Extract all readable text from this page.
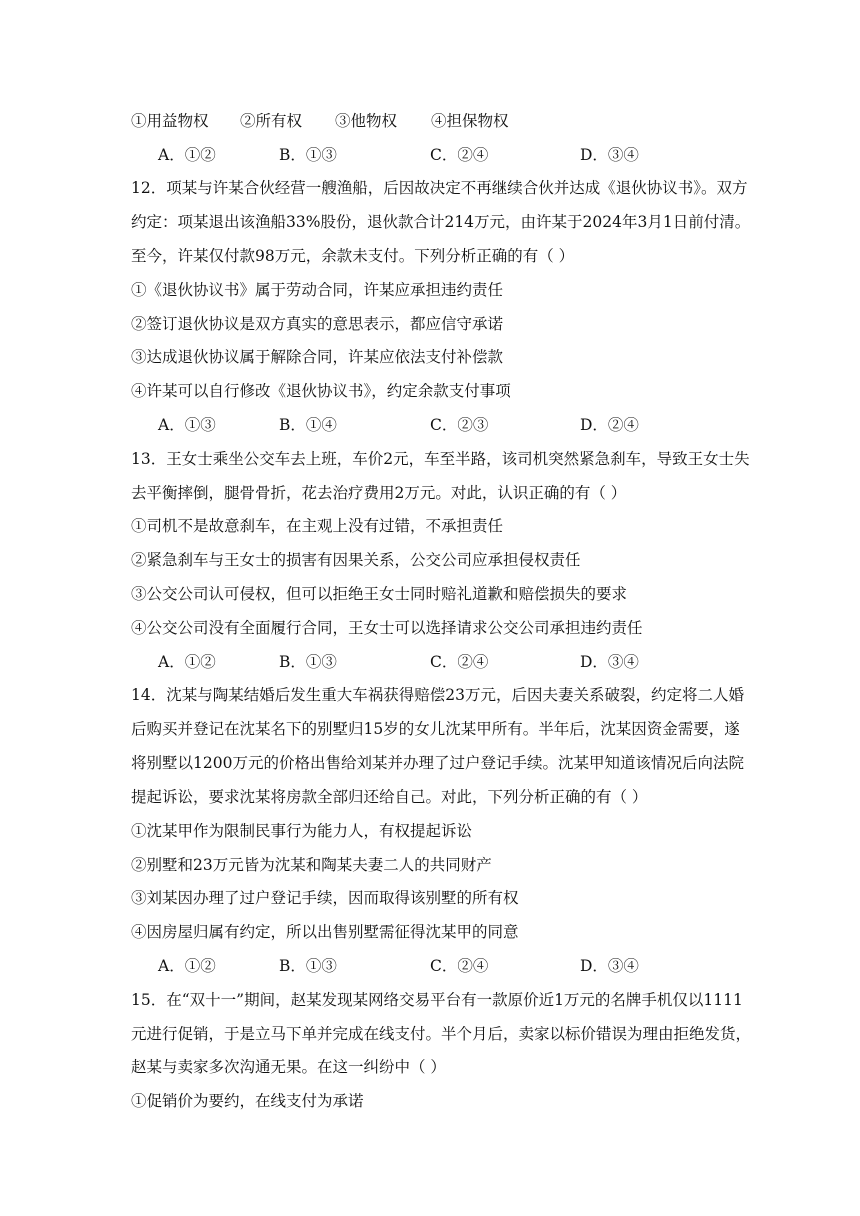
①用益物权 ②所有权 ③他物权 ④担保物权
A．①②	B．①③	C．②④	D．③④
12．项某与许某合伙经营一艘渔船，后因故决定不再继续合伙并达成《退伙协议书》。双方
约定：项某退出该渔船33%股份，退伙款合计214万元，由许某于2024年3月1日前付清。
至今，许某仅付款98万元，余款未支付。下列分析正确的有（ ）
①《退伙协议书》属于劳动合同，许某应承担违约责任
②签订退伙协议是双方真实的意思表示，都应信守承诺
③达成退伙协议属于解除合同，许某应依法支付补偿款
④许某可以自行修改《退伙协议书》，约定余款支付事项
A．①③	B．①④	C．②③	D．②④
13．王女士乘坐公交车去上班，车价2元，车至半路，该司机突然紧急刹车，导致王女士失
去平衡摔倒，腿骨骨折，花去治疗费用2万元。对此，认识正确的有（ ）
①司机不是故意刹车，在主观上没有过错，不承担责任
②紧急刹车与王女士的损害有因果关系，公交公司应承担侵权责任
③公交公司认可侵权，但可以拒绝王女士同时赔礼道歉和赔偿损失的要求
④公交公司没有全面履行合同，王女士可以选择请求公交公司承担违约责任
A．①②	B．①③	C．②④	D．③④
14．沈某与陶某结婚后发生重大车祸获得赔偿23万元，后因夫妻关系破裂，约定将二人婚
后购买并登记在沈某名下的别墅归15岁的女儿沈某甲所有。半年后，沈某因资金需要，遂
将别墅以1200万元的价格出售给刘某并办理了过户登记手续。沈某甲知道该情况后向法院
提起诉讼，要求沈某将房款全部归还给自己。对此，下列分析正确的有（ ）
①沈某甲作为限制民事行为能力人，有权提起诉讼
②别墅和23万元皆为沈某和陶某夫妻二人的共同财产
③刘某因办理了过户登记手续，因而取得该别墅的所有权
④因房屋归属有约定，所以出售别墅需征得沈某甲的同意
A．①②	B．①③	C．②④	D．③④
15．在“双十一”期间，赵某发现某网络交易平台有一款原价近1万元的名牌手机仅以1111
元进行促销，于是立马下单并完成在线支付。半个月后，卖家以标价错误为理由拒绝发货，
赵某与卖家多次沟通无果。在这一纠纷中（ ）
①促销价为要约，在线支付为承诺
